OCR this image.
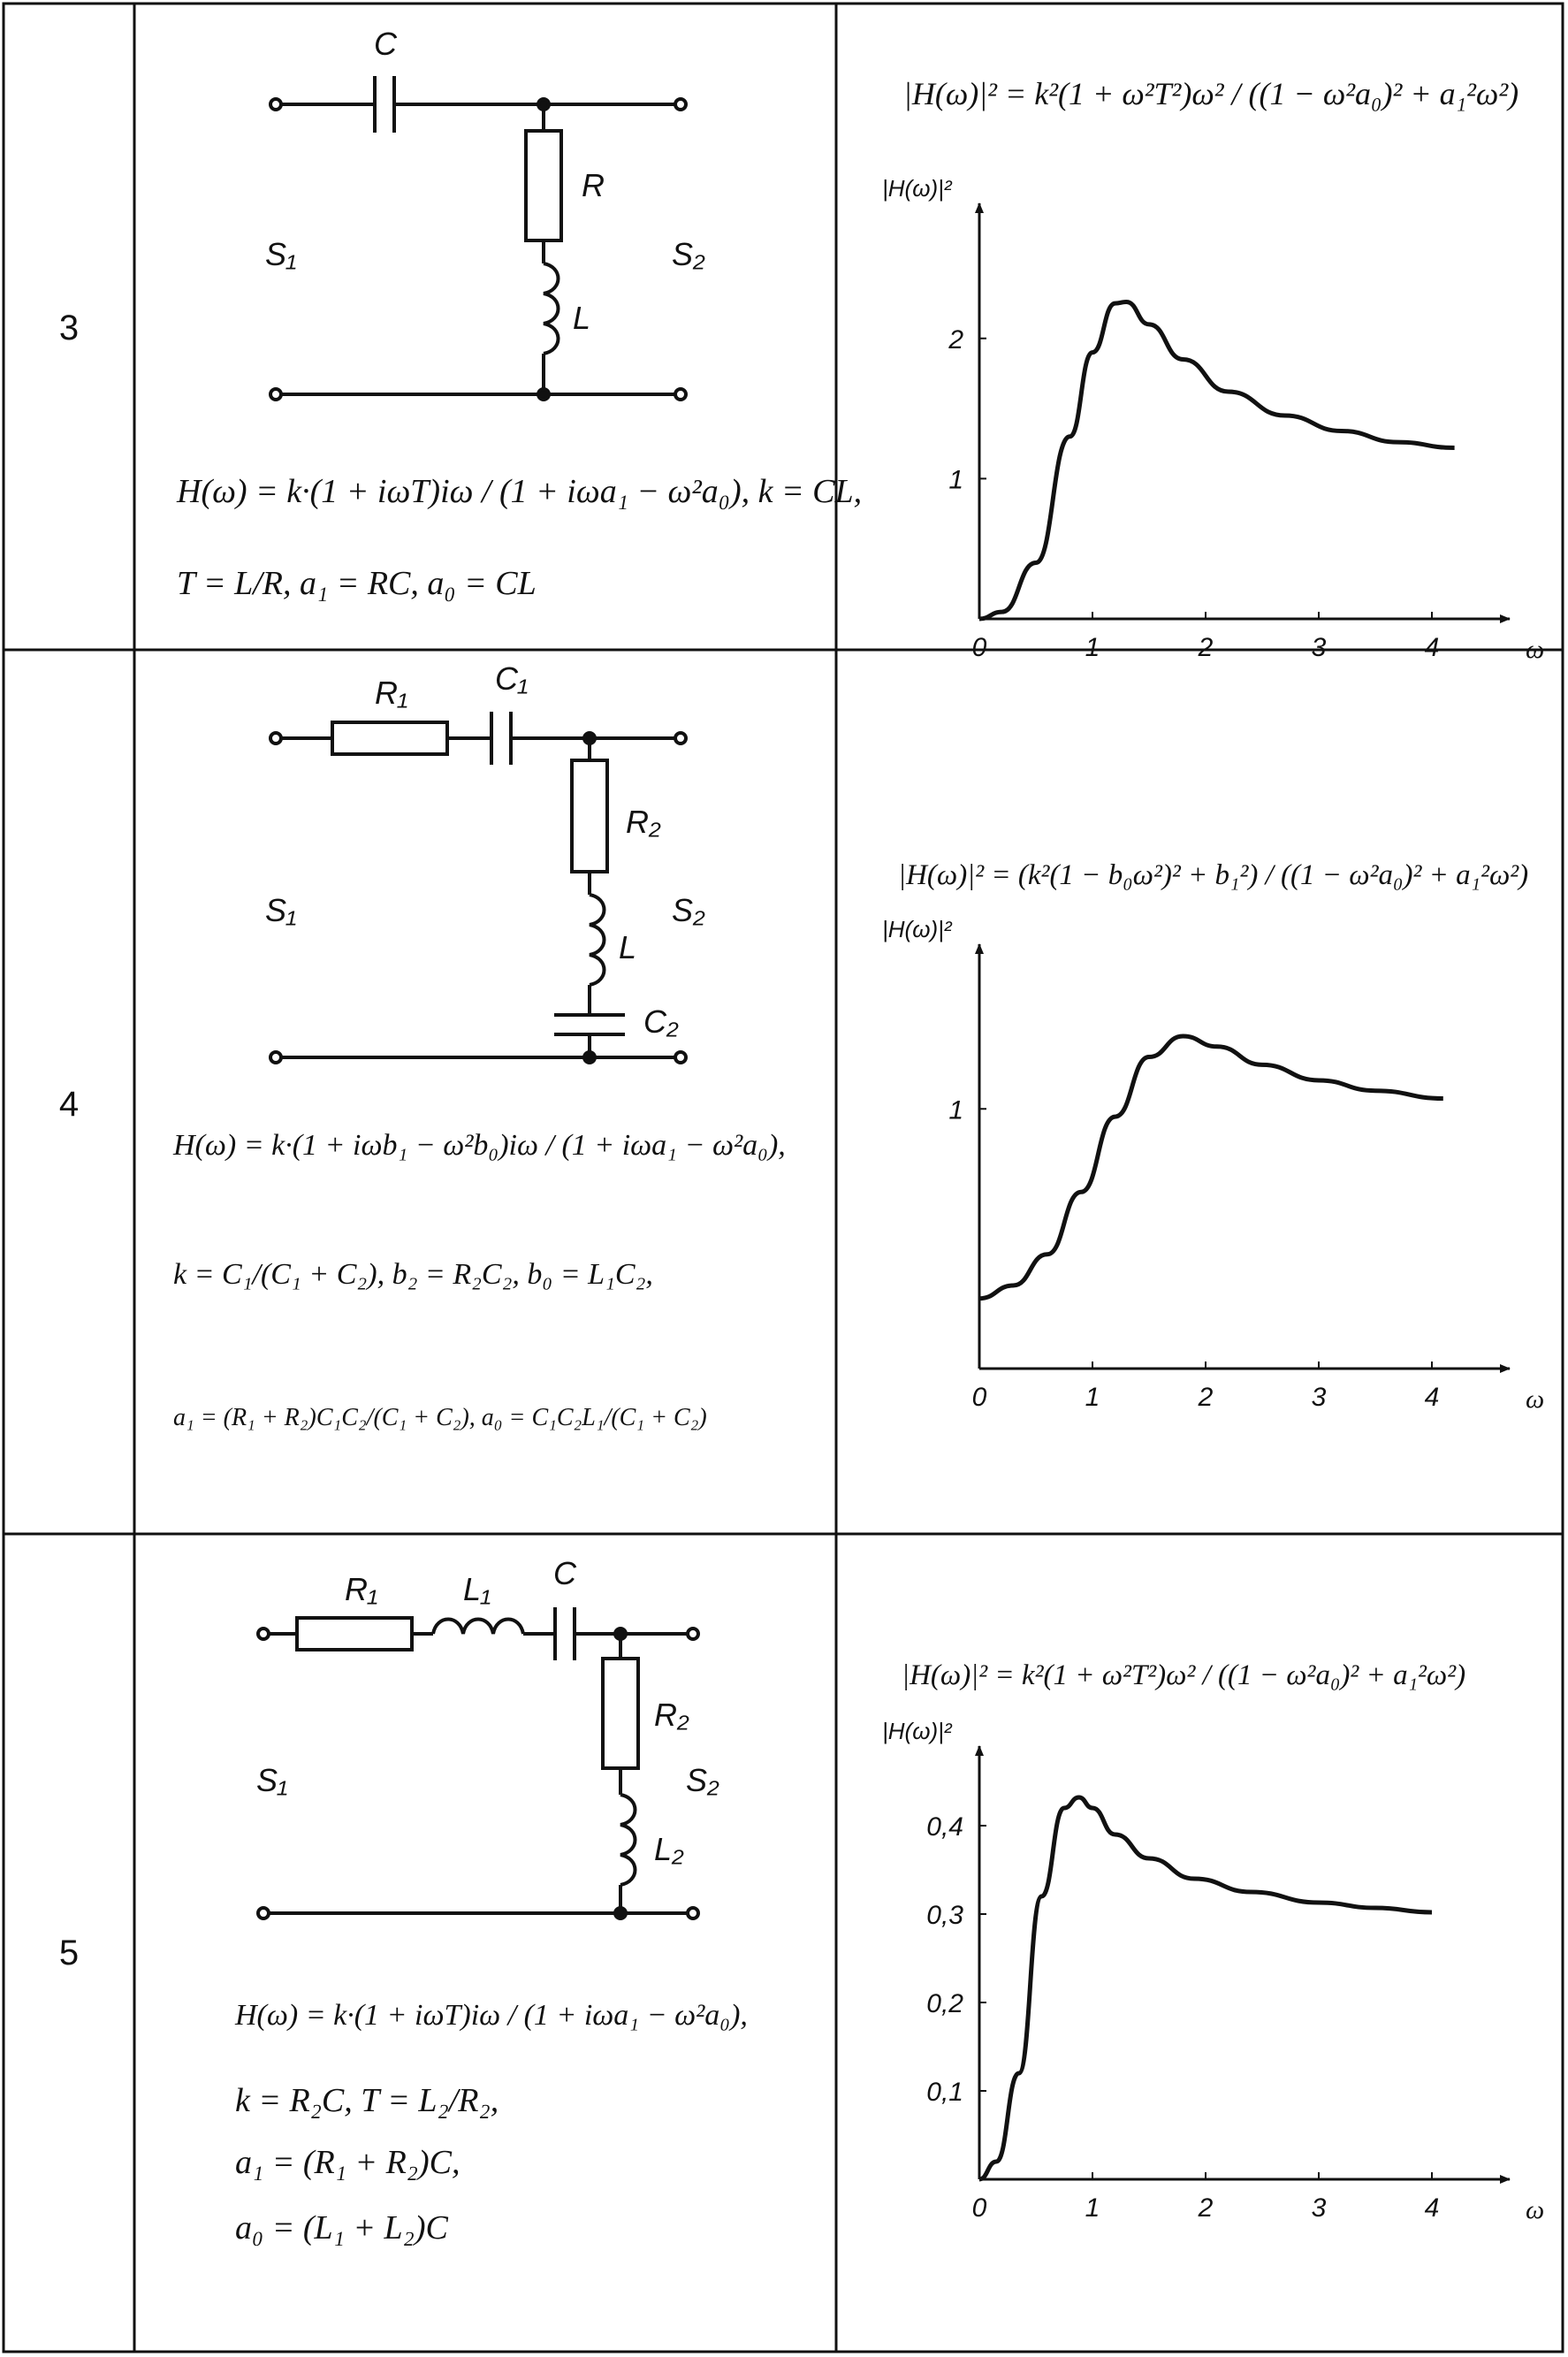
3
C
R
L
S₁	S₂
H(ω) = k·(1 + iωT)iω / (1 + iωa₁ − ω²a₀), k = CL,
T = L/R, a₁ = RC, a₀ = CL
|H(ω)|² = k²(1 + ω²T²)ω² / ((1 − ω²a₀)² + a₁²ω²)
0	1	2	3	4
1
2
|H(ω)|²
ω
4
R₁	C₁
R₂
L
C₂
S₁	S₂
H(ω) = k·(1 + iωb₁ − ω²b₀)iω / (1 + iωa₁ − ω²a₀),
k = C₁/(C₁ + C₂), b₂ = R₂C₂, b₀ = L₁C₂,
a₁ = (R₁ + R₂)C₁C₂/(C₁ + C₂), a₀ = C₁C₂L₁/(C₁ + C₂)
|H(ω)|² = (k²(1 − b₀ω²)² + b₁²) / ((1 − ω²a₀)² + a₁²ω²)
0	1	2	3	4
1
|H(ω)|²
ω
5
R₁	L₁ C
R₂
L₂
S₁	S₂
H(ω) = k·(1 + iωT)iω / (1 + iωa₁ − ω²a₀),
k = R₂C, T = L₂/R₂,
a₁ = (R₁ + R₂)C,
a₀ = (L₁ + L₂)C
|H(ω)|² = k²(1 + ω²T²)ω² / ((1 − ω²a₀)² + a₁²ω²)
0	1	2	3	4
0,1
0,2
0,3
0,4
|H(ω)|²
ω
